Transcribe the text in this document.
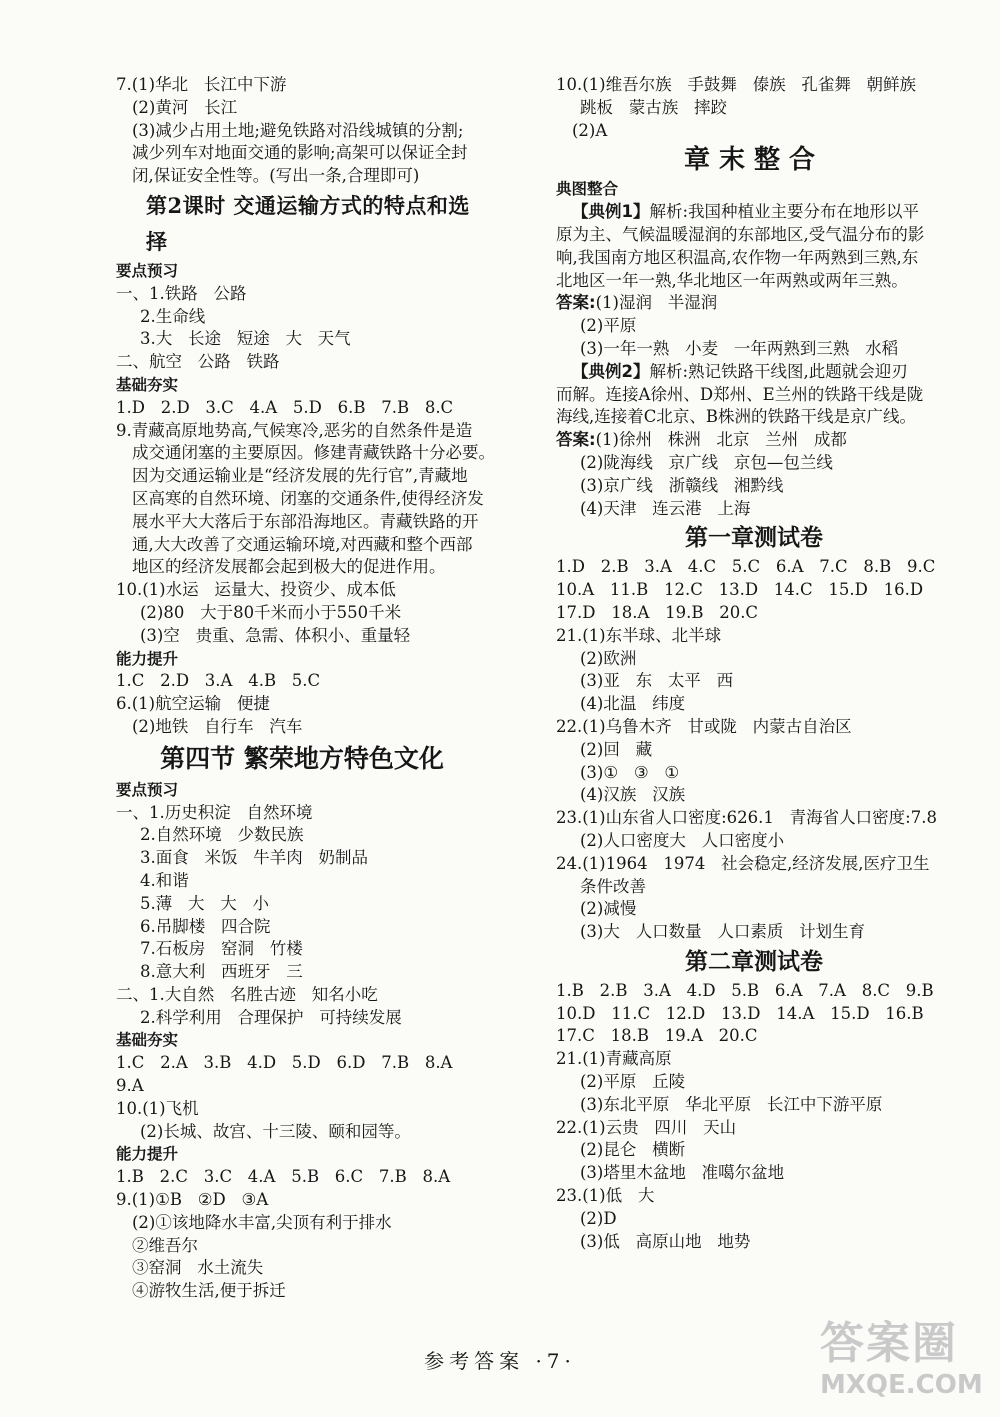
7.(1)华北   长江中下游
(2)黄河   长江
(3)减少占用土地;避免铁路对沿线城镇的分割;
减少列车对地面交通的影响;高架可以保证全封
闭,保证安全性等。(写出一条,合理即可)
第2课时 交通运输方式的特点和选择
要点预习
一、1.铁路   公路
2.生命线
3.大   长途   短途   大   天气
二、航空   公路   铁路
基础夯实
1.D   2.D   3.C   4.A   5.D   6.B   7.B   8.C
9.青藏高原地势高,气候寒冷,恶劣的自然条件是造
成交通闭塞的主要原因。修建青藏铁路十分必要。
因为交通运输业是“经济发展的先行官”,青藏地
区高寒的自然环境、闭塞的交通条件,使得经济发
展水平大大落后于东部沿海地区。青藏铁路的开
通,大大改善了交通运输环境,对西藏和整个西部
地区的经济发展都会起到极大的促进作用。
10.(1)水运   运量大、投资少、成本低
(2)80   大于80千米而小于550千米
(3)空   贵重、急需、体积小、重量轻
能力提升
1.C   2.D   3.A   4.B   5.C
6.(1)航空运输   便捷
(2)地铁   自行车   汽车
第四节 繁荣地方特色文化
要点预习
一、1.历史积淀   自然环境
2.自然环境   少数民族
3.面食   米饭   牛羊肉   奶制品
4.和谐
5.薄   大   大   小
6.吊脚楼   四合院
7.石板房   窑洞   竹楼
8.意大利   西班牙   三
二、1.大自然   名胜古迹   知名小吃
2.科学利用   合理保护   可持续发展
基础夯实
1.C   2.A   3.B   4.D   5.D   6.D   7.B   8.A
9.A
10.(1)飞机
(2)长城、故宫、十三陵、颐和园等。
能力提升
1.B   2.C   3.C   4.A   5.B   6.C   7.B   8.A
9.(1)①B   ②D   ③A
(2)①该地降水丰富,尖顶有利于排水
②维吾尔
③窑洞   水土流失
④游牧生活,便于拆迁
10.(1)维吾尔族   手鼓舞   傣族   孔雀舞   朝鲜族
跳板   蒙古族   摔跤
(2)A
章末整合
典图整合
【典例1】解析:我国种植业主要分布在地形以平
原为主、气候温暖湿润的东部地区,受气温分布的影
响,我国南方地区积温高,农作物一年两熟到三熟,东
北地区一年一熟,华北地区一年两熟或两年三熟。
答案:(1)湿润   半湿润
(2)平原
(3)一年一熟   小麦   一年两熟到三熟   水稻
【典例2】解析:熟记铁路干线图,此题就会迎刃
而解。连接A徐州、D郑州、E兰州的铁路干线是陇
海线,连接着C北京、B株洲的铁路干线是京广线。
答案:(1)徐州   株洲   北京   兰州   成都
(2)陇海线   京广线   京包—包兰线
(3)京广线   浙赣线   湘黔线
(4)天津   连云港   上海
第一章测试卷
1.D   2.B   3.A   4.C   5.C   6.A   7.C   8.B   9.C
10.A   11.B   12.C   13.D   14.C   15.D   16.D
17.D   18.A   19.B   20.C
21.(1)东半球、北半球
(2)欧洲
(3)亚   东   太平   西
(4)北温   纬度
22.(1)乌鲁木齐   甘或陇   内蒙古自治区
(2)回   藏
(3)①   ③   ①
(4)汉族   汉族
23.(1)山东省人口密度:626.1   青海省人口密度:7.8
(2)人口密度大   人口密度小
24.(1)1964   1974   社会稳定,经济发展,医疗卫生
条件改善
(2)减慢
(3)大   人口数量   人口素质   计划生育
第二章测试卷
1.B   2.B   3.A   4.D   5.B   6.A   7.A   8.C   9.B
10.D   11.C   12.D   13.D   14.A   15.D   16.B
17.C   18.B   19.A   20.C
21.(1)青藏高原
(2)平原   丘陵
(3)东北平原   华北平原   长江中下游平原
22.(1)云贵   四川   天山
(2)昆仑   横断
(3)塔里木盆地   准噶尔盆地
23.(1)低   大
(2)D
(3)低   高原山地   地势
参考答案 ·7·	答案圈
MXQE.COM
